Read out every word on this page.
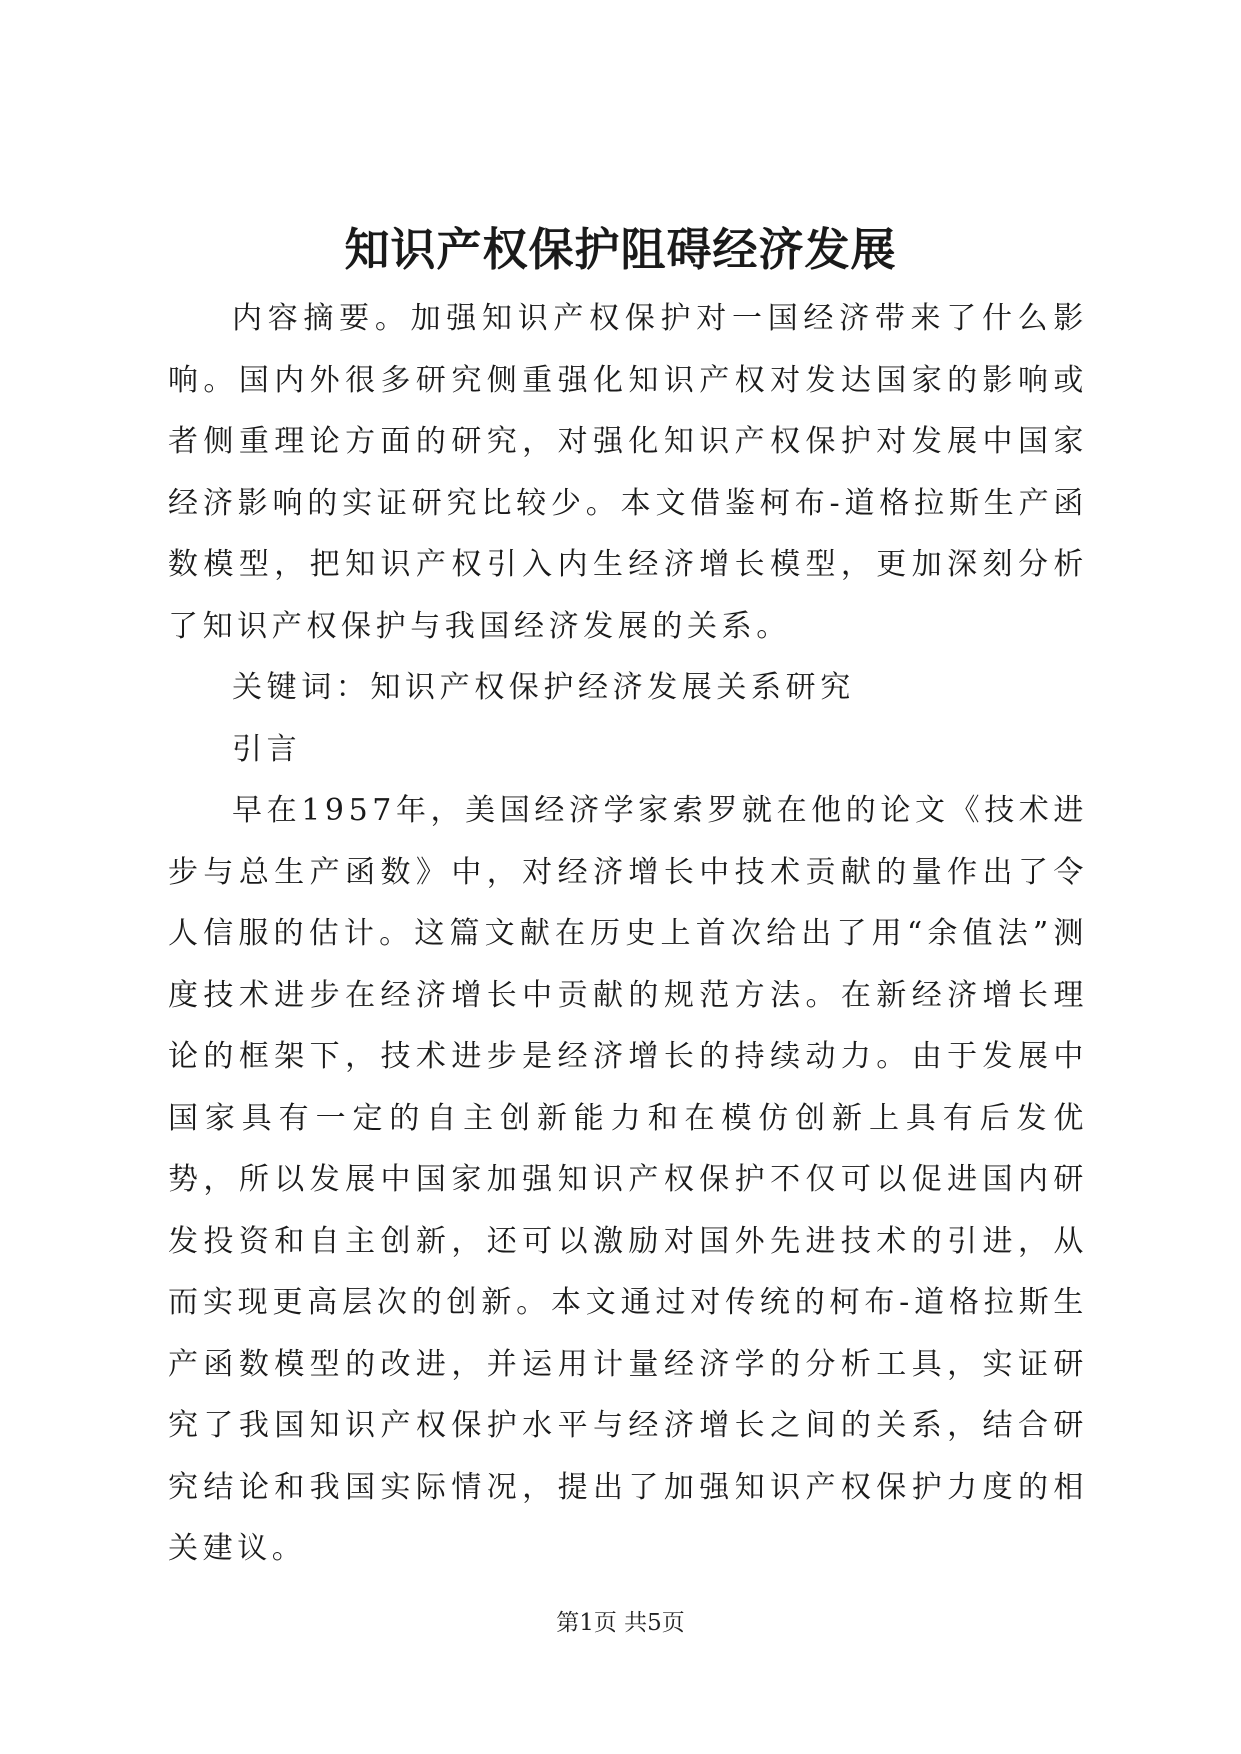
知识产权保护阻碍经济发展

内容摘要。加强知识产权保护对一国经济带来了什么影响。国内外很多研究侧重强化知识产权对发达国家的影响或者侧重理论方面的研究，对强化知识产权保护对发展中国家经济影响的实证研究比较少。本文借鉴柯布-道格拉斯生产函数模型，把知识产权引入内生经济增长模型，更加深刻分析了知识产权保护与我国经济发展的关系。

关键词：知识产权保护经济发展关系研究

引言

早在1957年，美国经济学家索罗就在他的论文《技术进步与总生产函数》中，对经济增长中技术贡献的量作出了令人信服的估计。这篇文献在历史上首次给出了用“余值法”测度技术进步在经济增长中贡献的规范方法。在新经济增长理论的框架下，技术进步是经济增长的持续动力。由于发展中国家具有一定的自主创新能力和在模仿创新上具有后发优势，所以发展中国家加强知识产权保护不仅可以促进国内研发投资和自主创新，还可以激励对国外先进技术的引进，从而实现更高层次的创新。本文通过对传统的柯布-道格拉斯生产函数模型的改进，并运用计量经济学的分析工具，实证研究了我国知识产权保护水平与经济增长之间的关系，结合研究结论和我国实际情况，提出了加强知识产权保护力度的相关建议。

第1页 共5页
